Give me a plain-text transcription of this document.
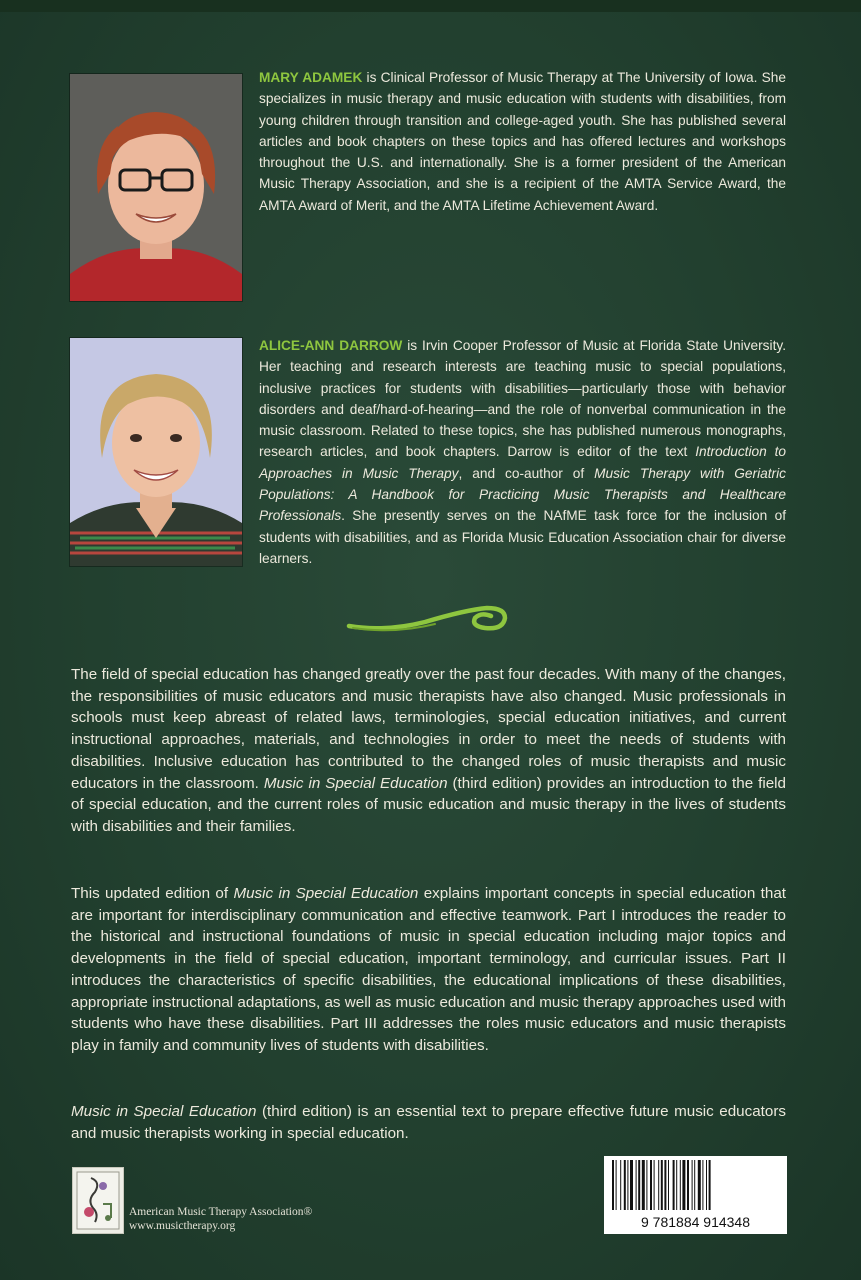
MARY ADAMEK is Clinical Professor of Music Therapy at The University of Iowa. She specializes in music therapy and music education with students with disabilities, from young children through transition and college-aged youth. She has published several articles and book chapters on these topics and has offered lectures and workshops throughout the U.S. and internationally. She is a former president of the American Music Therapy Association, and she is a recipient of the AMTA Service Award, the AMTA Award of Merit, and the AMTA Lifetime Achievement Award.
ALICE-ANN DARROW is Irvin Cooper Professor of Music at Florida State University. Her teaching and research interests are teaching music to special populations, inclusive practices for students with disabilities—particularly those with behavior disorders and deaf/hard-of-hearing—and the role of nonverbal communication in the music classroom. Related to these topics, she has published numerous monographs, research articles, and book chapters. Darrow is editor of the text Introduction to Approaches in Music Therapy, and co-author of Music Therapy with Geriatric Populations: A Handbook for Practicing Music Therapists and Healthcare Professionals. She presently serves on the NAfME task force for the inclusion of students with disabilities, and as Florida Music Education Association chair for diverse learners.
The field of special education has changed greatly over the past four decades. With many of the changes, the responsibilities of music educators and music therapists have also changed. Music professionals in schools must keep abreast of related laws, terminologies, special education initiatives, and current instructional approaches, materials, and technologies in order to meet the needs of students with disabilities. Inclusive education has contributed to the changed roles of music therapists and music educators in the classroom. Music in Special Education (third edition) provides an introduction to the field of special education, and the current roles of music education and music therapy in the lives of students with disabilities and their families.
This updated edition of Music in Special Education explains important concepts in special education that are important for interdisciplinary communication and effective teamwork. Part I introduces the reader to the historical and instructional foundations of music in special education including major topics and developments in the field of special education, important terminology, and curricular issues. Part II introduces the characteristics of specific disabilities, the educational implications of these disabilities, appropriate instructional adaptations, as well as music education and music therapy approaches used with students who have these disabilities. Part III addresses the roles music educators and music therapists play in family and community lives of students with disabilities.
Music in Special Education (third edition) is an essential text to prepare effective future music educators and music therapists working in special education.
American Music Therapy Association®
www.musictherapy.org	9 781884 914348
